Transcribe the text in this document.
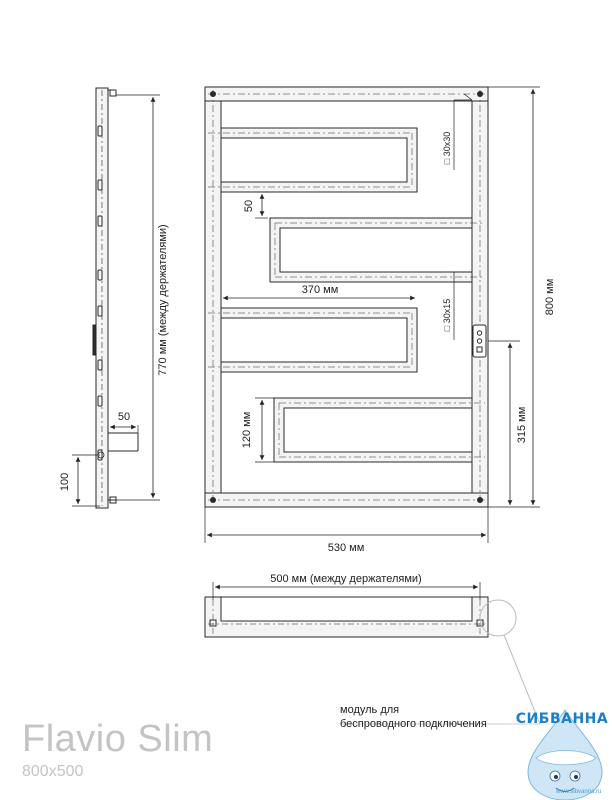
770 мм (между держателями)
50
100
800 мм
315 мм
530 мм
370 мм
50
120 мм
□ 30x30
□ 30x15
500 мм (между держателями)
модуль для
беспроводного подключения
Flavio Slim
800x500
СИБВАННА
www.sibvanna.ru
